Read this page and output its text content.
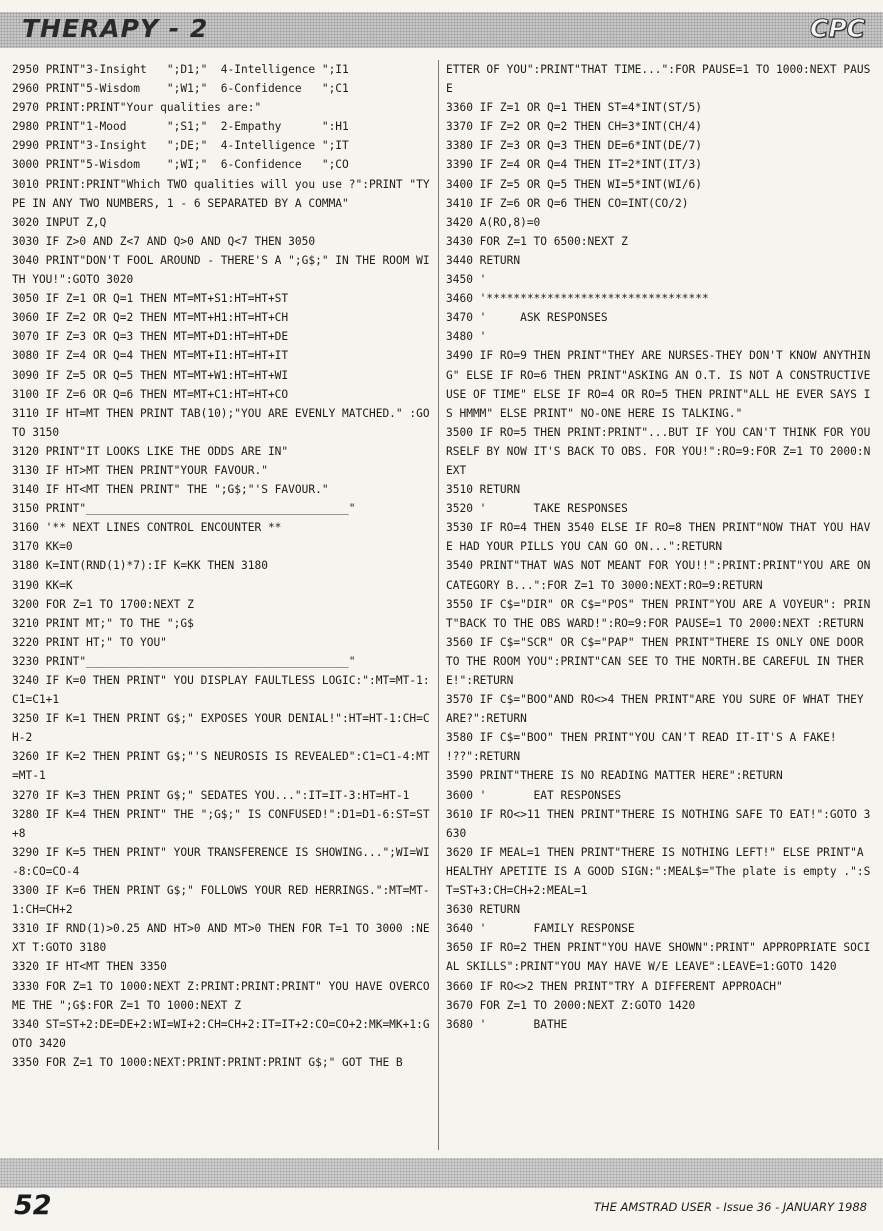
THERAPY - 2	CPC
2950 PRINT"3-Insight   ";D1;"  4-Intelligence ";I1
2960 PRINT"5-Wisdom    ";W1;"  6-Confidence   ";C1
2970 PRINT:PRINT"Your qualities are:"
2980 PRINT"1-Mood      ";S1;"  2-Empathy      ":H1
2990 PRINT"3-Insight   ";DE;"  4-Intelligence ";IT
3000 PRINT"5-Wisdom    ";WI;"  6-Confidence   ";CO
3010 PRINT:PRINT"Which TWO qualities will you use ?":PRINT "TYPE IN ANY TWO NUMBERS, 1 - 6 SEPARATED BY A COMMA"
3020 INPUT Z,Q
3030 IF Z>0 AND Z<7 AND Q>0 AND Q<7 THEN 3050
3040 PRINT"DON'T FOOL AROUND - THERE'S A ";G$;" IN THE ROOM WITH YOU!":GOTO 3020
3050 IF Z=1 OR Q=1 THEN MT=MT+S1:HT=HT+ST
3060 IF Z=2 OR Q=2 THEN MT=MT+H1:HT=HT+CH
3070 IF Z=3 OR Q=3 THEN MT=MT+D1:HT=HT+DE
3080 IF Z=4 OR Q=4 THEN MT=MT+I1:HT=HT+IT
3090 IF Z=5 OR Q=5 THEN MT=MT+W1:HT=HT+WI
3100 IF Z=6 OR Q=6 THEN MT=MT+C1:HT=HT+CO
3110 IF HT=MT THEN PRINT TAB(10);"YOU ARE EVENLY MATCHED." :GOTO 3150
3120 PRINT"IT LOOKS LIKE THE ODDS ARE IN"
3130 IF HT>MT THEN PRINT"YOUR FAVOUR."
3140 IF HT<MT THEN PRINT" THE ";G$;"'S FAVOUR."
3150 PRINT"_______________________________________"
3160 '** NEXT LINES CONTROL ENCOUNTER **
3170 KK=0
3180 K=INT(RND(1)*7):IF K=KK THEN 3180
3190 KK=K
3200 FOR Z=1 TO 1700:NEXT Z
3210 PRINT MT;" TO THE ";G$
3220 PRINT HT;" TO YOU"
3230 PRINT"_______________________________________"
3240 IF K=0 THEN PRINT" YOU DISPLAY FAULTLESS LOGIC:":MT=MT-1:C1=C1+1
3250 IF K=1 THEN PRINT G$;" EXPOSES YOUR DENIAL!":HT=HT-1:CH=CH-2
3260 IF K=2 THEN PRINT G$;"'S NEUROSIS IS REVEALED":C1=C1-4:MT=MT-1
3270 IF K=3 THEN PRINT G$;" SEDATES YOU...":IT=IT-3:HT=HT-1
3280 IF K=4 THEN PRINT" THE ";G$;" IS CONFUSED!":D1=D1-6:ST=ST+8
3290 IF K=5 THEN PRINT" YOUR TRANSFERENCE IS SHOWING...";WI=WI-8:CO=CO-4
3300 IF K=6 THEN PRINT G$;" FOLLOWS YOUR RED HERRINGS.":MT=MT-1:CH=CH+2
3310 IF RND(1)>0.25 AND HT>0 AND MT>0 THEN FOR T=1 TO 3000 :NEXT T:GOTO 3180
3320 IF HT<MT THEN 3350
3330 FOR Z=1 TO 1000:NEXT Z:PRINT:PRINT:PRINT" YOU HAVE OVERCOME THE ";G$:FOR Z=1 TO 1000:NEXT Z
3340 ST=ST+2:DE=DE+2:WI=WI+2:CH=CH+2:IT=IT+2:CO=CO+2:MK=MK+1:GOTO 3420
3350 FOR Z=1 TO 1000:NEXT:PRINT:PRINT:PRINT G$;" GOT THE B
ETTER OF YOU":PRINT"THAT TIME...":FOR PAUSE=1 TO 1000:NEXT PAUSE
3360 IF Z=1 OR Q=1 THEN ST=4*INT(ST/5)
3370 IF Z=2 OR Q=2 THEN CH=3*INT(CH/4)
3380 IF Z=3 OR Q=3 THEN DE=6*INT(DE/7)
3390 IF Z=4 OR Q=4 THEN IT=2*INT(IT/3)
3400 IF Z=5 OR Q=5 THEN WI=5*INT(WI/6)
3410 IF Z=6 OR Q=6 THEN CO=INT(CO/2)
3420 A(RO,8)=0
3430 FOR Z=1 TO 6500:NEXT Z
3440 RETURN
3450 '
3460 '*********************************
3470 '     ASK RESPONSES
3480 '
3490 IF RO=9 THEN PRINT"THEY ARE NURSES-THEY DON'T KNOW ANYTHING" ELSE IF RO=6 THEN PRINT"ASKING AN O.T. IS NOT A CONSTRUCTIVE USE OF TIME" ELSE IF RO=4 OR RO=5 THEN PRINT"ALL HE EVER SAYS IS HMMM" ELSE PRINT" NO-ONE HERE IS TALKING."
3500 IF RO=5 THEN PRINT:PRINT"...BUT IF YOU CAN'T THINK FOR YOURSELF BY NOW IT'S BACK TO OBS. FOR YOU!":RO=9:FOR Z=1 TO 2000:NEXT
3510 RETURN
3520 '       TAKE RESPONSES
3530 IF RO=4 THEN 3540 ELSE IF RO=8 THEN PRINT"NOW THAT YOU HAVE HAD YOUR PILLS YOU CAN GO ON...":RETURN
3540 PRINT"THAT WAS NOT MEANT FOR YOU!!":PRINT:PRINT"YOU ARE ON CATEGORY B...":FOR Z=1 TO 3000:NEXT:RO=9:RETURN
3550 IF C$="DIR" OR C$="POS" THEN PRINT"YOU ARE A VOYEUR": PRINT"BACK TO THE OBS WARD!":RO=9:FOR PAUSE=1 TO 2000:NEXT :RETURN
3560 IF C$="SCR" OR C$="PAP" THEN PRINT"THERE IS ONLY ONE DOOR TO THE ROOM YOU":PRINT"CAN SEE TO THE NORTH.BE CAREFUL IN THERE!":RETURN
3570 IF C$="BOO"AND RO<>4 THEN PRINT"ARE YOU SURE OF WHAT THEY ARE?":RETURN
3580 IF C$="BOO" THEN PRINT"YOU CAN'T READ IT-IT'S A FAKE! !??":RETURN
3590 PRINT"THERE IS NO READING MATTER HERE":RETURN
3600 '       EAT RESPONSES
3610 IF RO<>11 THEN PRINT"THERE IS NOTHING SAFE TO EAT!":GOTO 3630
3620 IF MEAL=1 THEN PRINT"THERE IS NOTHING LEFT!" ELSE PRINT"A HEALTHY APETITE IS A GOOD SIGN:":MEAL$="The plate is empty .":ST=ST+3:CH=CH+2:MEAL=1
3630 RETURN
3640 '       FAMILY RESPONSE
3650 IF RO=2 THEN PRINT"YOU HAVE SHOWN":PRINT" APPROPRIATE SOCIAL SKILLS":PRINT"YOU MAY HAVE W/E LEAVE":LEAVE=1:GOTO 1420
3660 IF RO<>2 THEN PRINT"TRY A DIFFERENT APPROACH"
3670 FOR Z=1 TO 2000:NEXT Z:GOTO 1420
3680 '       BATHE
52	THE AMSTRAD USER - Issue 36 - JANUARY 1988
